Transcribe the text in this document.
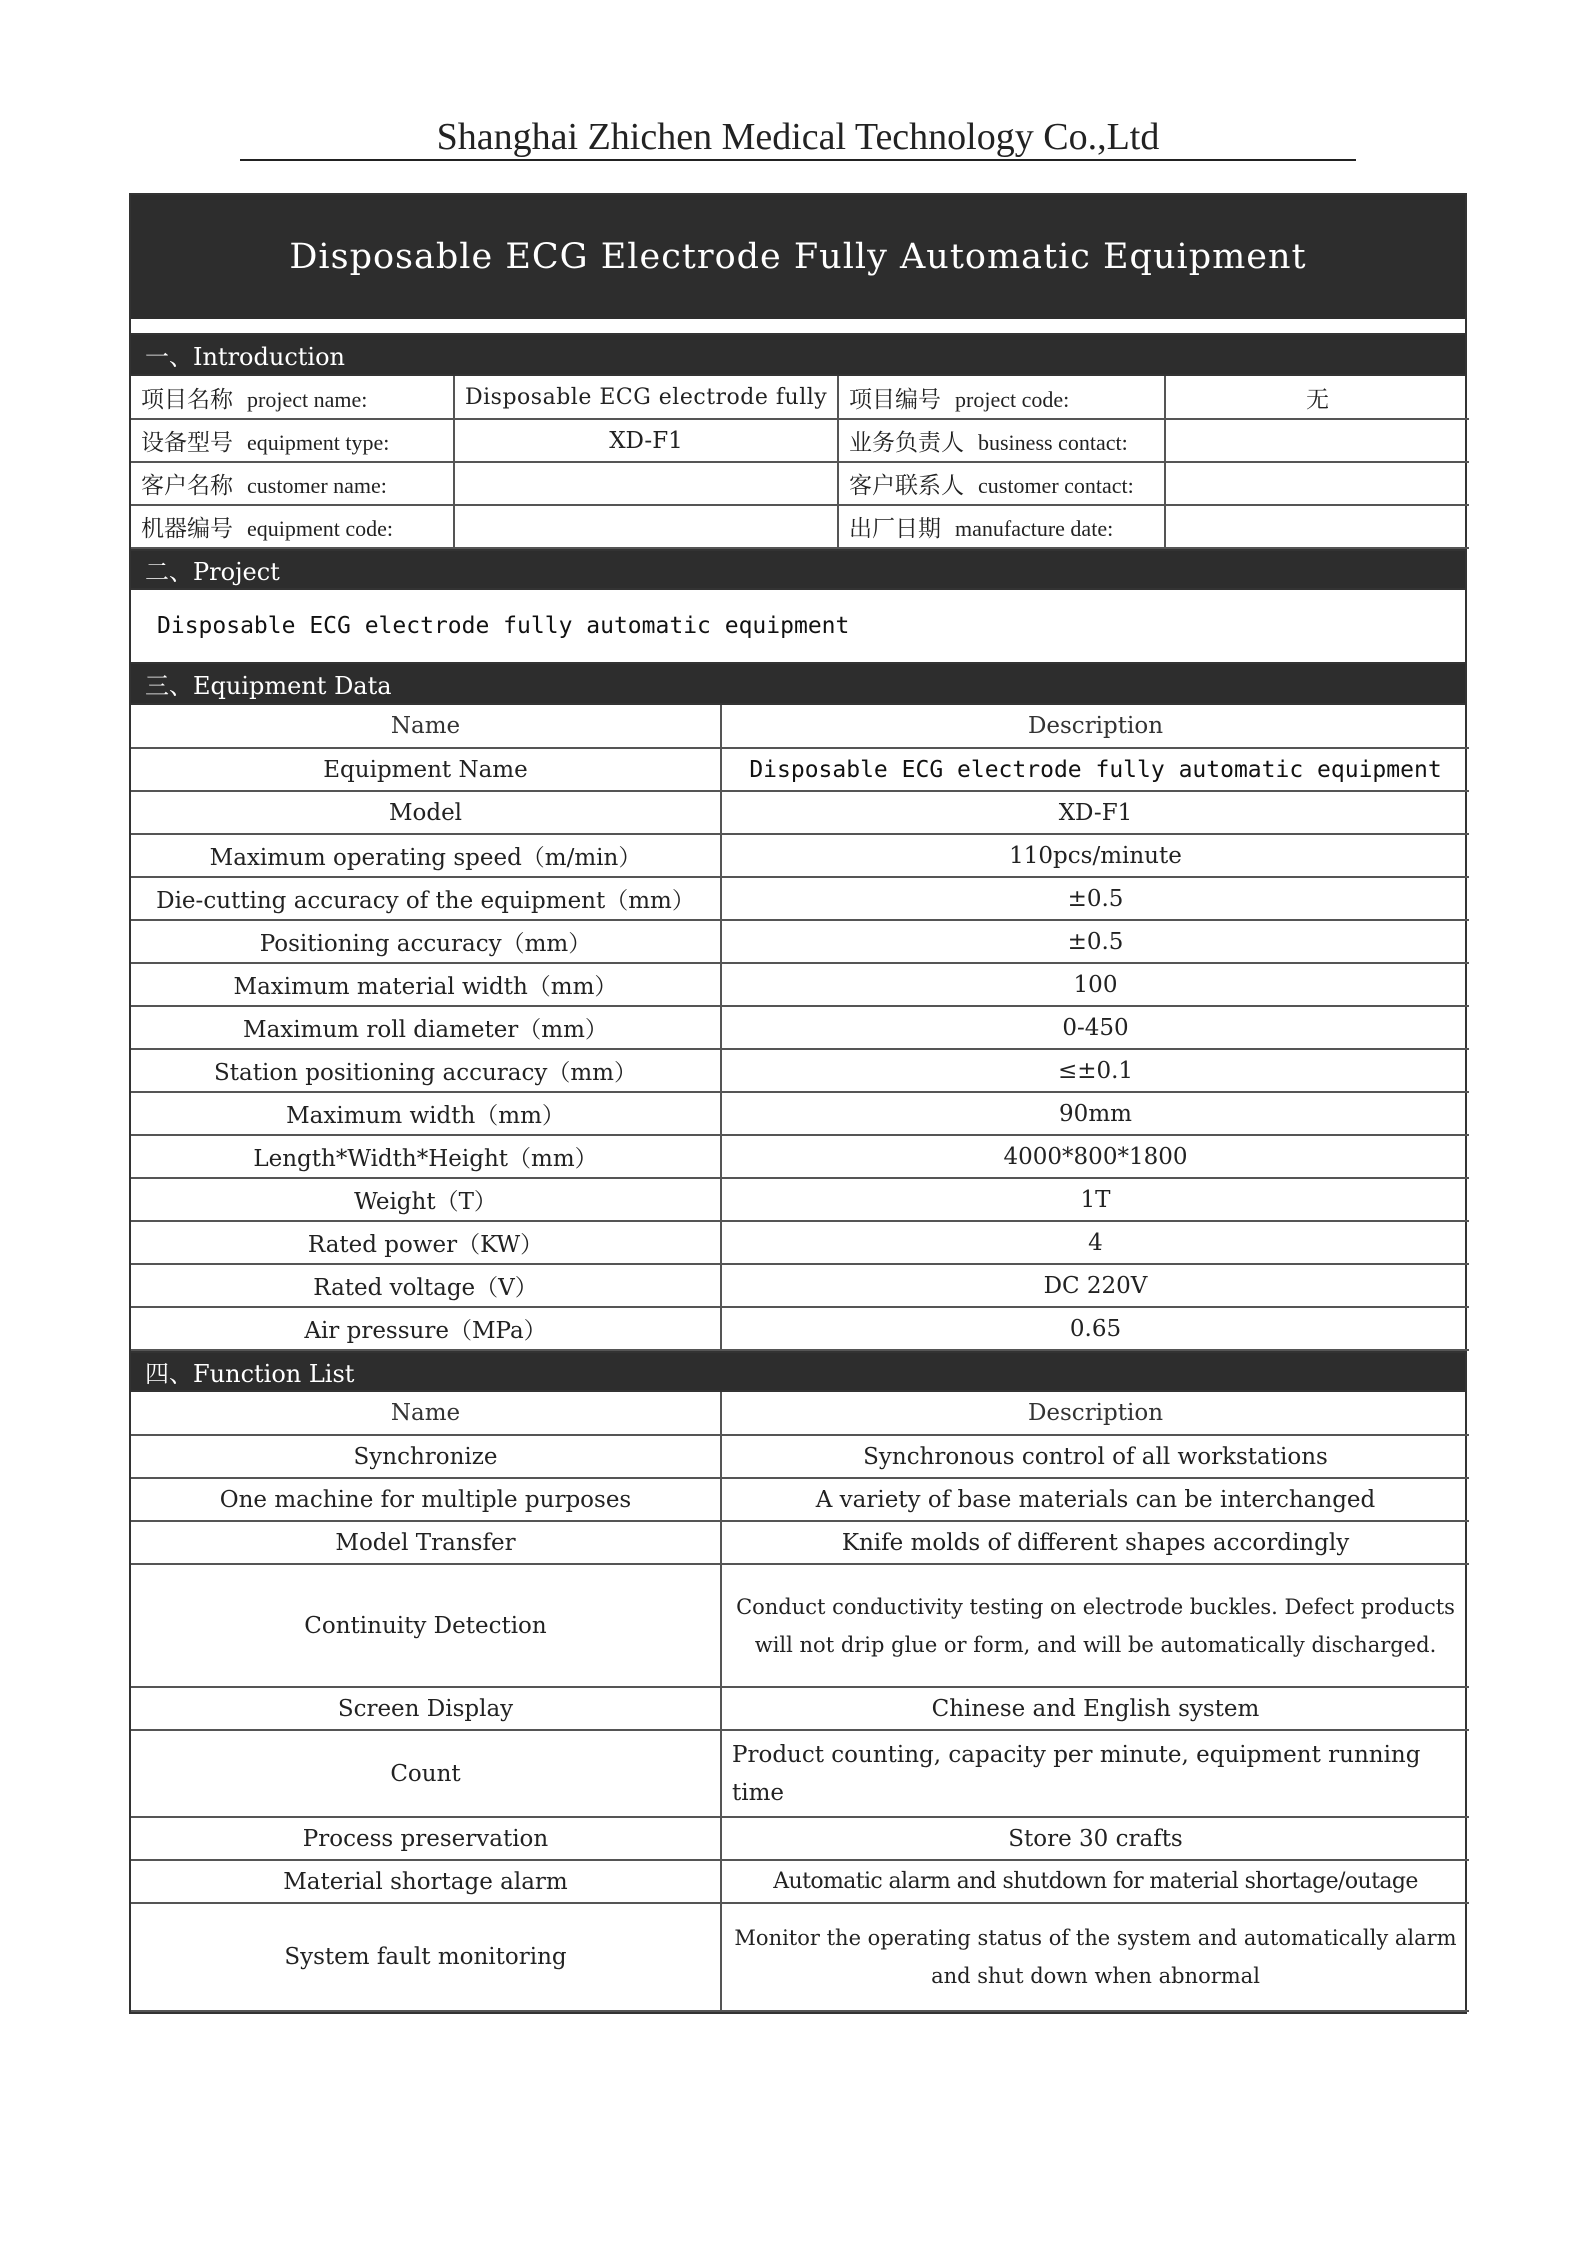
Shanghai Zhichen Medical Technology Co.,Ltd
Disposable ECG Electrode Fully Automatic Equipment
一、Introduction
项目名称 project name:	Disposable ECG electrode fully	项目编号 project code:	无
设备型号 equipment type:	XD-F1	业务负责人 business contact:	
客户名称 customer name:		客户联系人 customer contact:	
机器编号 equipment code:		出厂日期 manufacture date:	
二、Project
Disposable ECG electrode fully automatic equipment
三、Equipment Data
Name	Description
Equipment Name	Disposable ECG electrode fully automatic equipment
Model	XD-F1
Maximum operating speed（m/min）	110pcs/minute
Die-cutting accuracy of the equipment（mm）	±0.5
Positioning accuracy（mm）	±0.5
Maximum material width（mm）	100
Maximum roll diameter（mm）	0-450
Station positioning accuracy（mm）	≤±0.1
Maximum width（mm）	90mm
Length*Width*Height（mm）	4000*800*1800
Weight（T）	1T
Rated power（KW）	4
Rated voltage（V）	DC 220V
Air pressure（MPa）	0.65
四、Function List
Name	Description
Synchronize	Synchronous control of all workstations
One machine for multiple purposes	A variety of base materials can be interchanged
Model Transfer	Knife molds of different shapes accordingly
Continuity Detection	Conduct conductivity testing on electrode buckles. Defect products will not drip glue or form, and will be automatically discharged.
Screen Display	Chinese and English system
Count	Product counting, capacity per minute, equipment running time
Process preservation	Store 30 crafts
Material shortage alarm	Automatic alarm and shutdown for material shortage/outage
System fault monitoring	Monitor the operating status of the system and automatically alarm and shut down when abnormal
